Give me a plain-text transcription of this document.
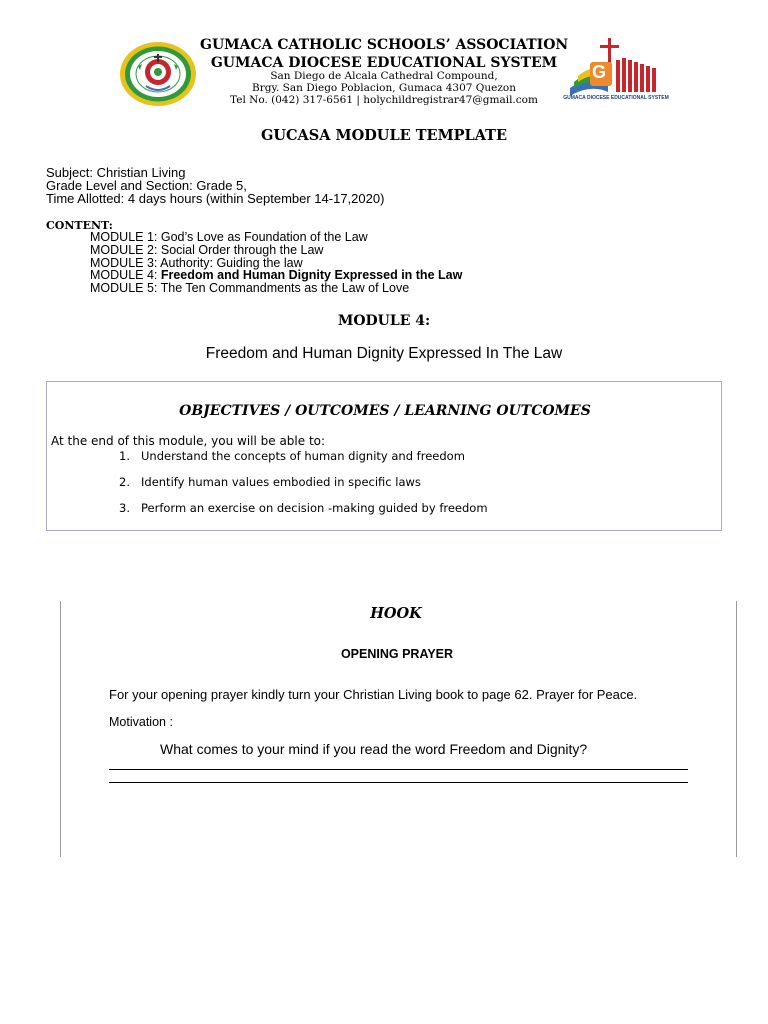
GUMACA CATHOLIC SCHOOLS’ ASSOCIATION
GUMACA DIOCESE EDUCATIONAL SYSTEM
San Diego de Alcala Cathedral Compound,
Brgy. San Diego Poblacion, Gumaca 4307 Quezon
Tel No. (042) 317-6561 | holychildregistrar47@gmail.com
G
GUMACA DIOCESE EDUCATIONAL SYSTEM
GUCASA MODULE TEMPLATE
Subject: Christian Living
Grade Level and Section: Grade 5,
Time Allotted: 4 days hours (within September 14-17,2020)
CONTENT:
MODULE 1: God’s Love as Foundation of the Law
MODULE 2: Social Order through the Law
MODULE 3: Authority: Guiding the law
MODULE 4: Freedom and Human Dignity Expressed in the Law
MODULE 5: The Ten Commandments as the Law of Love
MODULE 4:
Freedom and Human Dignity Expressed In The Law
OBJECTIVES / OUTCOMES / LEARNING OUTCOMES
At the end of this module, you will be able to:
1. Understand the concepts of human dignity and freedom
2. Identify human values embodied in specific laws
3. Perform an exercise on decision -making guided by freedom
HOOK
OPENING PRAYER
For your opening prayer kindly turn your Christian Living book to page 62. Prayer for Peace.
Motivation :
What comes to your mind if you read the word Freedom and Dignity?
